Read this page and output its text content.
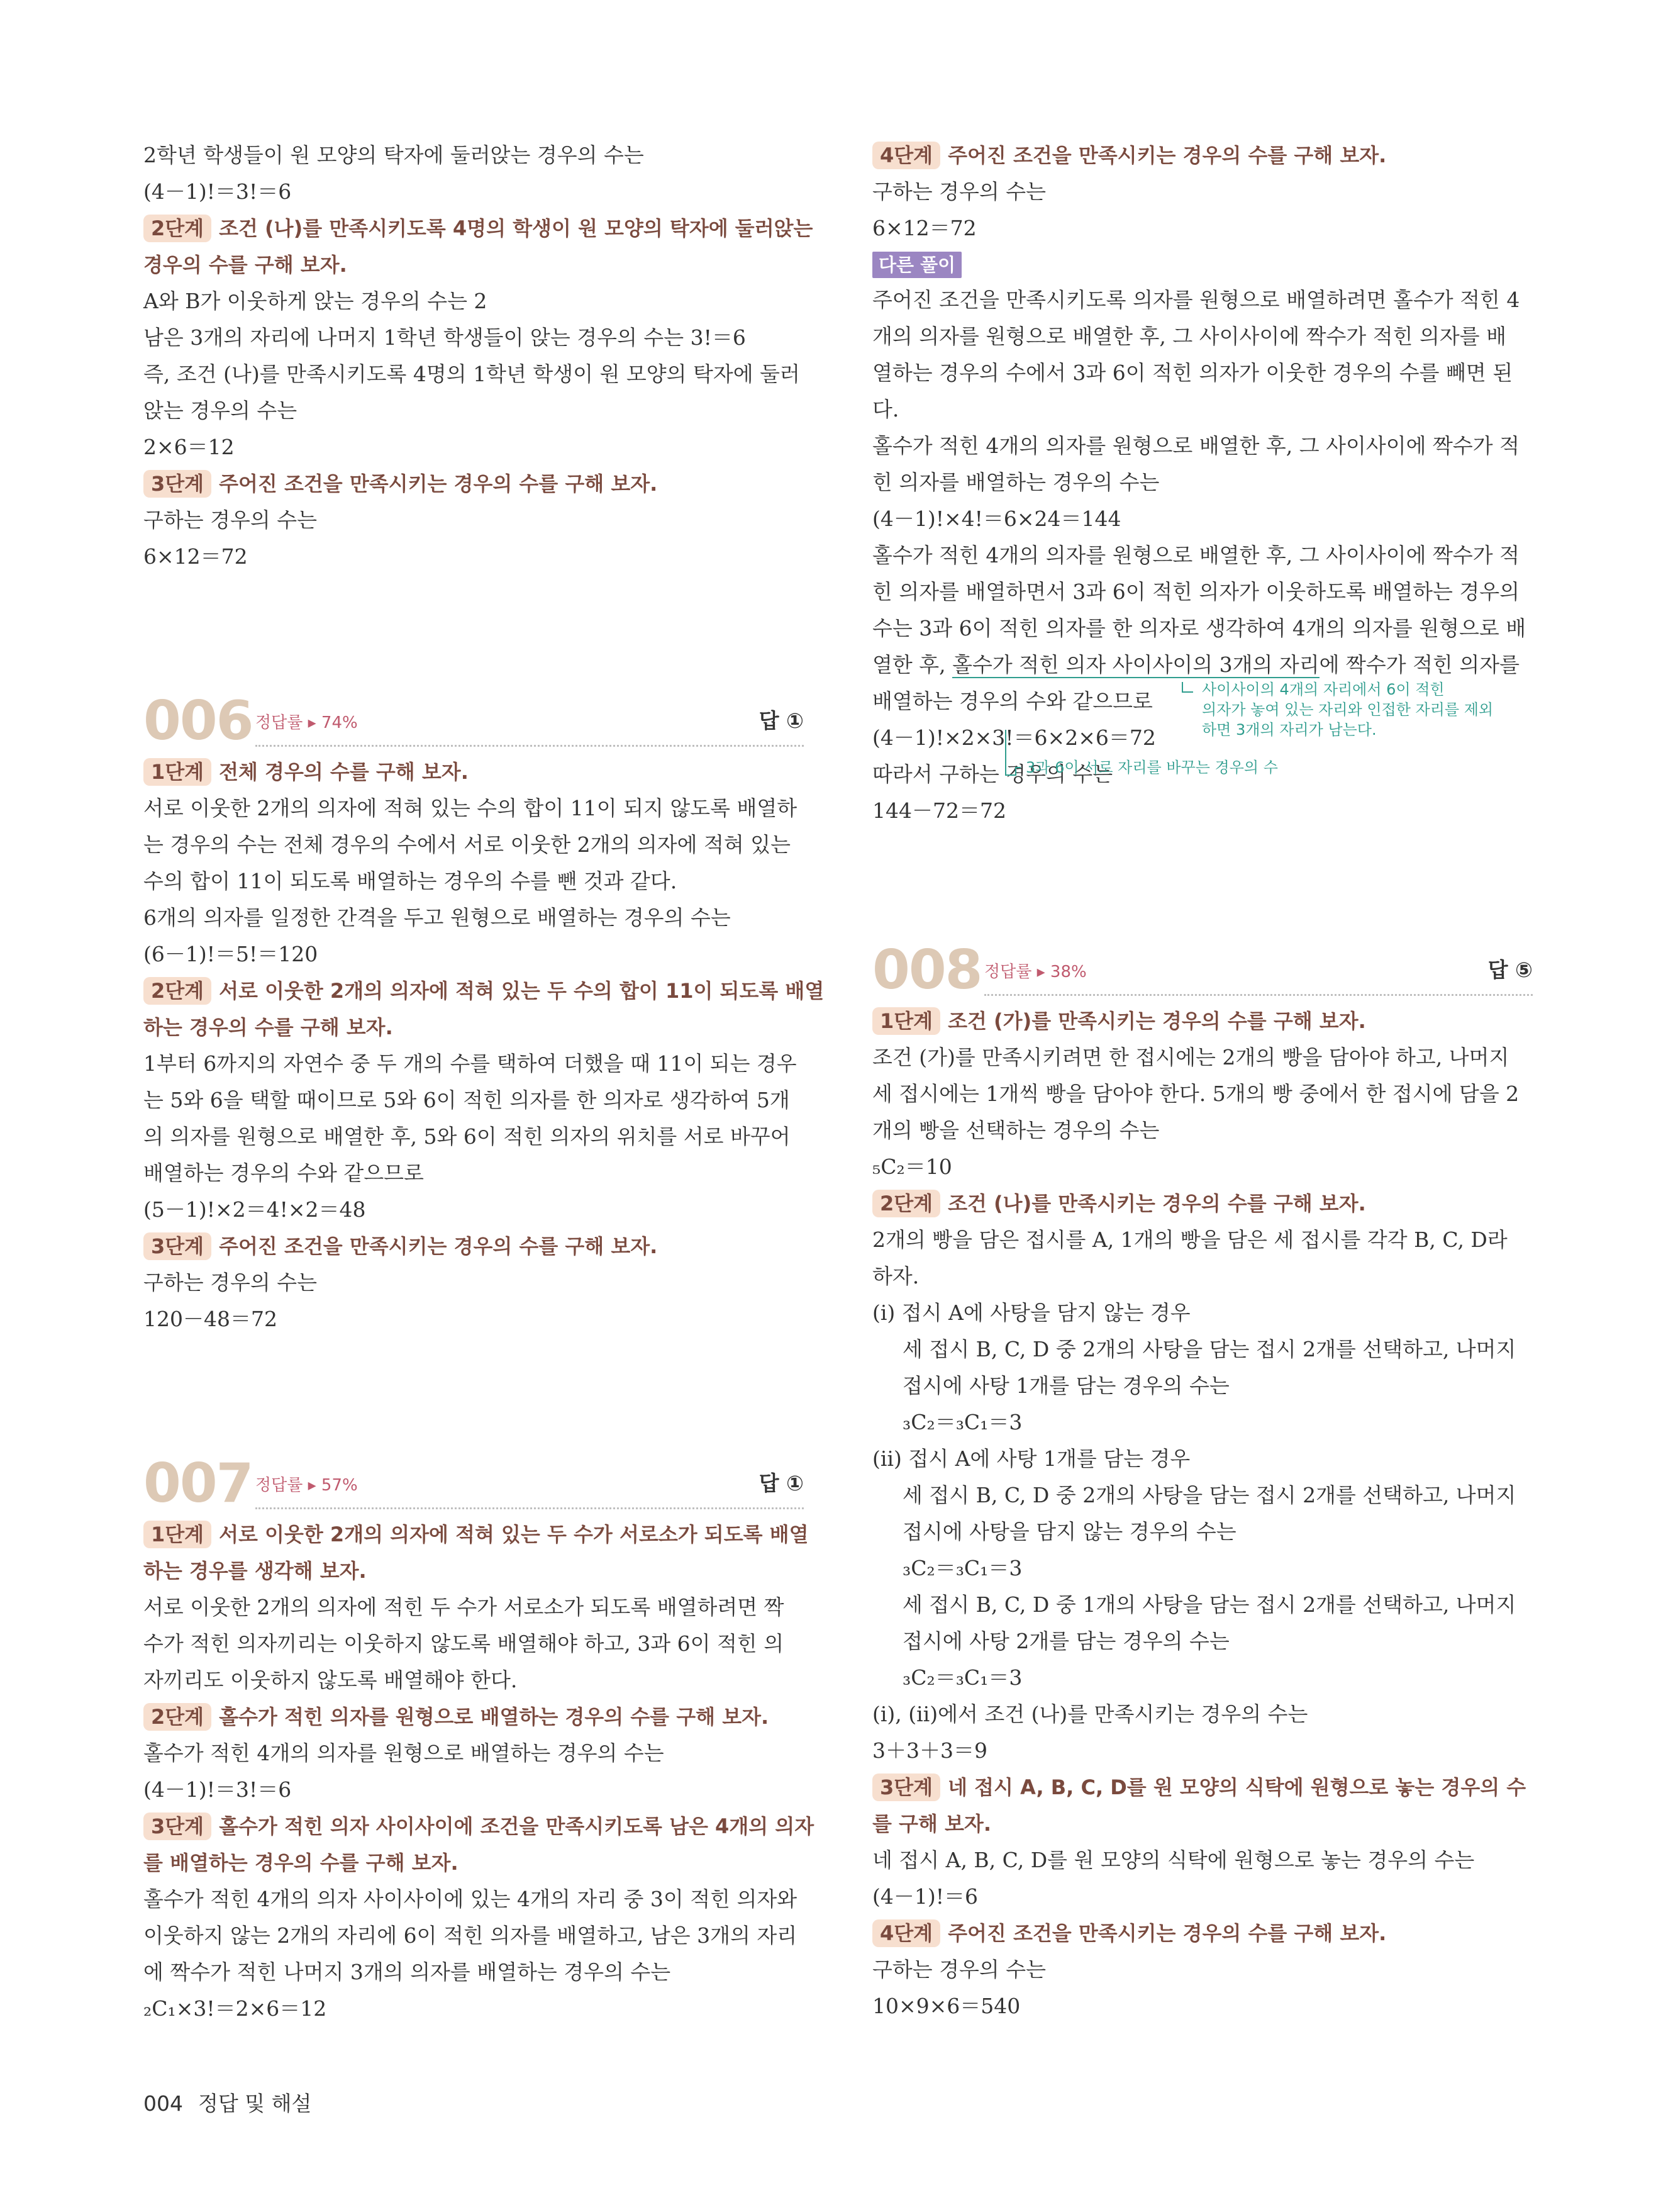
2학년 학생들이 원 모양의 탁자에 둘러앉는 경우의 수는
(4－1)!＝3!＝6
2단계 조건 (나)를 만족시키도록 4명의 학생이 원 모양의 탁자에 둘러앉는
경우의 수를 구해 보자.
A와 B가 이웃하게 앉는 경우의 수는 2
남은 3개의 자리에 나머지 1학년 학생들이 앉는 경우의 수는 3!＝6
즉, 조건 (나)를 만족시키도록 4명의 1학년 학생이 원 모양의 탁자에 둘러
앉는 경우의 수는
2×6＝12
3단계 주어진 조건을 만족시키는 경우의 수를 구해 보자.
구하는 경우의 수는
6×12＝72
006 정답률 ▸ 74%	답 ①
1단계 전체 경우의 수를 구해 보자.
서로 이웃한 2개의 의자에 적혀 있는 수의 합이 11이 되지 않도록 배열하
는 경우의 수는 전체 경우의 수에서 서로 이웃한 2개의 의자에 적혀 있는
수의 합이 11이 되도록 배열하는 경우의 수를 뺀 것과 같다.
6개의 의자를 일정한 간격을 두고 원형으로 배열하는 경우의 수는
(6－1)!＝5!＝120
2단계 서로 이웃한 2개의 의자에 적혀 있는 두 수의 합이 11이 되도록 배열
하는 경우의 수를 구해 보자.
1부터 6까지의 자연수 중 두 개의 수를 택하여 더했을 때 11이 되는 경우
는 5와 6을 택할 때이므로 5와 6이 적힌 의자를 한 의자로 생각하여 5개
의 의자를 원형으로 배열한 후, 5와 6이 적힌 의자의 위치를 서로 바꾸어
배열하는 경우의 수와 같으므로
(5－1)!×2＝4!×2＝48
3단계 주어진 조건을 만족시키는 경우의 수를 구해 보자.
구하는 경우의 수는
120－48＝72
007 정답률 ▸ 57%	답 ①
1단계 서로 이웃한 2개의 의자에 적혀 있는 두 수가 서로소가 되도록 배열
하는 경우를 생각해 보자.
서로 이웃한 2개의 의자에 적힌 두 수가 서로소가 되도록 배열하려면 짝
수가 적힌 의자끼리는 이웃하지 않도록 배열해야 하고, 3과 6이 적힌 의
자끼리도 이웃하지 않도록 배열해야 한다.
2단계 홀수가 적힌 의자를 원형으로 배열하는 경우의 수를 구해 보자.
홀수가 적힌 4개의 의자를 원형으로 배열하는 경우의 수는
(4－1)!＝3!＝6
3단계 홀수가 적힌 의자 사이사이에 조건을 만족시키도록 남은 4개의 의자
를 배열하는 경우의 수를 구해 보자.
홀수가 적힌 4개의 의자 사이사이에 있는 4개의 자리 중 3이 적힌 의자와
이웃하지 않는 2개의 자리에 6이 적힌 의자를 배열하고, 남은 3개의 자리
에 짝수가 적힌 나머지 3개의 의자를 배열하는 경우의 수는
₂C₁×3!＝2×6＝12
4단계 주어진 조건을 만족시키는 경우의 수를 구해 보자.
구하는 경우의 수는
6×12＝72
다른 풀이
주어진 조건을 만족시키도록 의자를 원형으로 배열하려면 홀수가 적힌 4
개의 의자를 원형으로 배열한 후, 그 사이사이에 짝수가 적힌 의자를 배
열하는 경우의 수에서 3과 6이 적힌 의자가 이웃한 경우의 수를 빼면 된
다.
홀수가 적힌 4개의 의자를 원형으로 배열한 후, 그 사이사이에 짝수가 적
힌 의자를 배열하는 경우의 수는
(4－1)!×4!＝6×24＝144
홀수가 적힌 4개의 의자를 원형으로 배열한 후, 그 사이사이에 짝수가 적
힌 의자를 배열하면서 3과 6이 적힌 의자가 이웃하도록 배열하는 경우의
수는 3과 6이 적힌 의자를 한 의자로 생각하여 4개의 의자를 원형으로 배
열한 후, 홀수가 적힌 의자 사이사이의 3개의 자리에 짝수가 적힌 의자를
배열하는 경우의 수와 같으므로
(4－1)!×2×3!＝6×2×6＝72
따라서 구하는 경우의 수는
144－72＝72
사이사이의 4개의 자리에서 6이 적힌
의자가 놓여 있는 자리와 인접한 자리를 제외
하면 3개의 자리가 남는다.
3과 6이 서로 자리를 바꾸는 경우의 수
008 정답률 ▸ 38%	답 ⑤
1단계 조건 (가)를 만족시키는 경우의 수를 구해 보자.
조건 (가)를 만족시키려면 한 접시에는 2개의 빵을 담아야 하고, 나머지
세 접시에는 1개씩 빵을 담아야 한다. 5개의 빵 중에서 한 접시에 담을 2
개의 빵을 선택하는 경우의 수는
₅C₂＝10
2단계 조건 (나)를 만족시키는 경우의 수를 구해 보자.
2개의 빵을 담은 접시를 A, 1개의 빵을 담은 세 접시를 각각 B, C, D라
하자.
(ⅰ) 접시 A에 사탕을 담지 않는 경우
세 접시 B, C, D 중 2개의 사탕을 담는 접시 2개를 선택하고, 나머지
접시에 사탕 1개를 담는 경우의 수는
₃C₂＝₃C₁＝3
(ⅱ) 접시 A에 사탕 1개를 담는 경우
세 접시 B, C, D 중 2개의 사탕을 담는 접시 2개를 선택하고, 나머지
접시에 사탕을 담지 않는 경우의 수는
₃C₂＝₃C₁＝3
세 접시 B, C, D 중 1개의 사탕을 담는 접시 2개를 선택하고, 나머지
접시에 사탕 2개를 담는 경우의 수는
₃C₂＝₃C₁＝3
(ⅰ), (ⅱ)에서 조건 (나)를 만족시키는 경우의 수는
3＋3＋3＝9
3단계 네 접시 A, B, C, D를 원 모양의 식탁에 원형으로 놓는 경우의 수
를 구해 보자.
네 접시 A, B, C, D를 원 모양의 식탁에 원형으로 놓는 경우의 수는
(4－1)!＝6
4단계 주어진 조건을 만족시키는 경우의 수를 구해 보자.
구하는 경우의 수는
10×9×6＝540
004 정답 및 해설
